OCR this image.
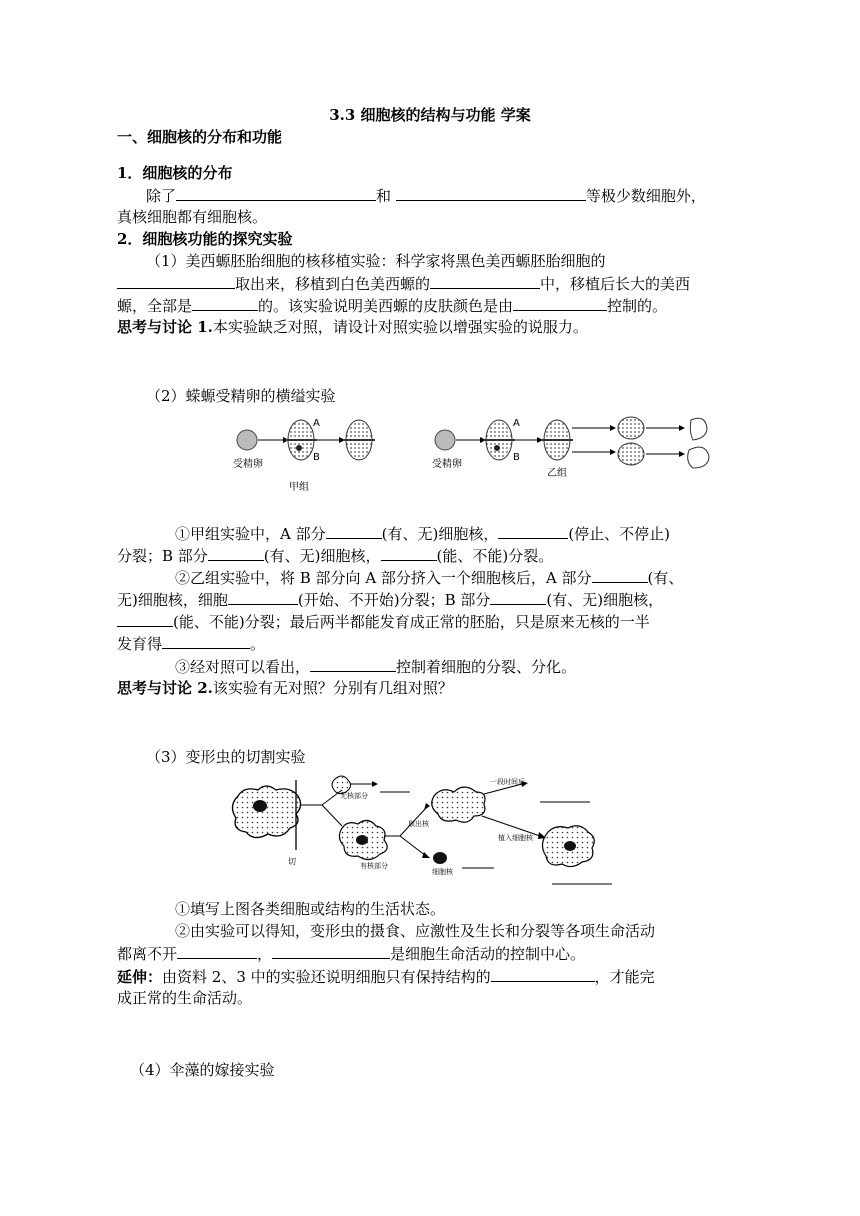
3.3 细胞核的结构与功能 学案
一、细胞核的分布和功能
1．细胞核的分布
除了	和	等极少数细胞外，
真核细胞都有细胞核。
2．细胞核功能的探究实验
（1）美西螈胚胎细胞的核移植实验：科学家将黑色美西螈胚胎细胞的
取出来，移植到白色美西螈的	中，移植后长大的美西
螈，全部是	的。该实验说明美西螈的皮肤颜色是由	控制的。
思考与讨论 1.本实验缺乏对照，请设计对照实验以增强实验的说服力。
（2）蝾螈受精卵的横缢实验
A
B
受精卵
甲组
A
B
受精卵
乙组
①甲组实验中，A 部分	(有、无)细胞核，	(停止、不停止)
分裂；B 部分	(有、无)细胞核，	(能、不能)分裂。
②乙组实验中，将 B 部分向 A 部分挤入一个细胞核后，A 部分	(有、
无)细胞核，细胞	(开始、不开始)分裂；B 部分	(有、无)细胞核，
(能、不能)分裂；最后两半都能发育成正常的胚胎，只是原来无核的一半
发育得	。
③经对照可以看出，	控制着细胞的分裂、分化。
思考与讨论 2.该实验有无对照？分别有几组对照？
（3）变形虫的切割实验
切
无核部分
有核部分
取出核
一段时间后
植入细胞核
细胞核
①填写上图各类细胞或结构的生活状态。
②由实验可以得知，变形虫的摄食、应激性及生长和分裂等各项生命活动
都离不开	，	是细胞生命活动的控制中心。
延伸：由资料 2、3 中的实验还说明细胞只有保持结构的	，才能完
成正常的生命活动。
（4）伞藻的嫁接实验
